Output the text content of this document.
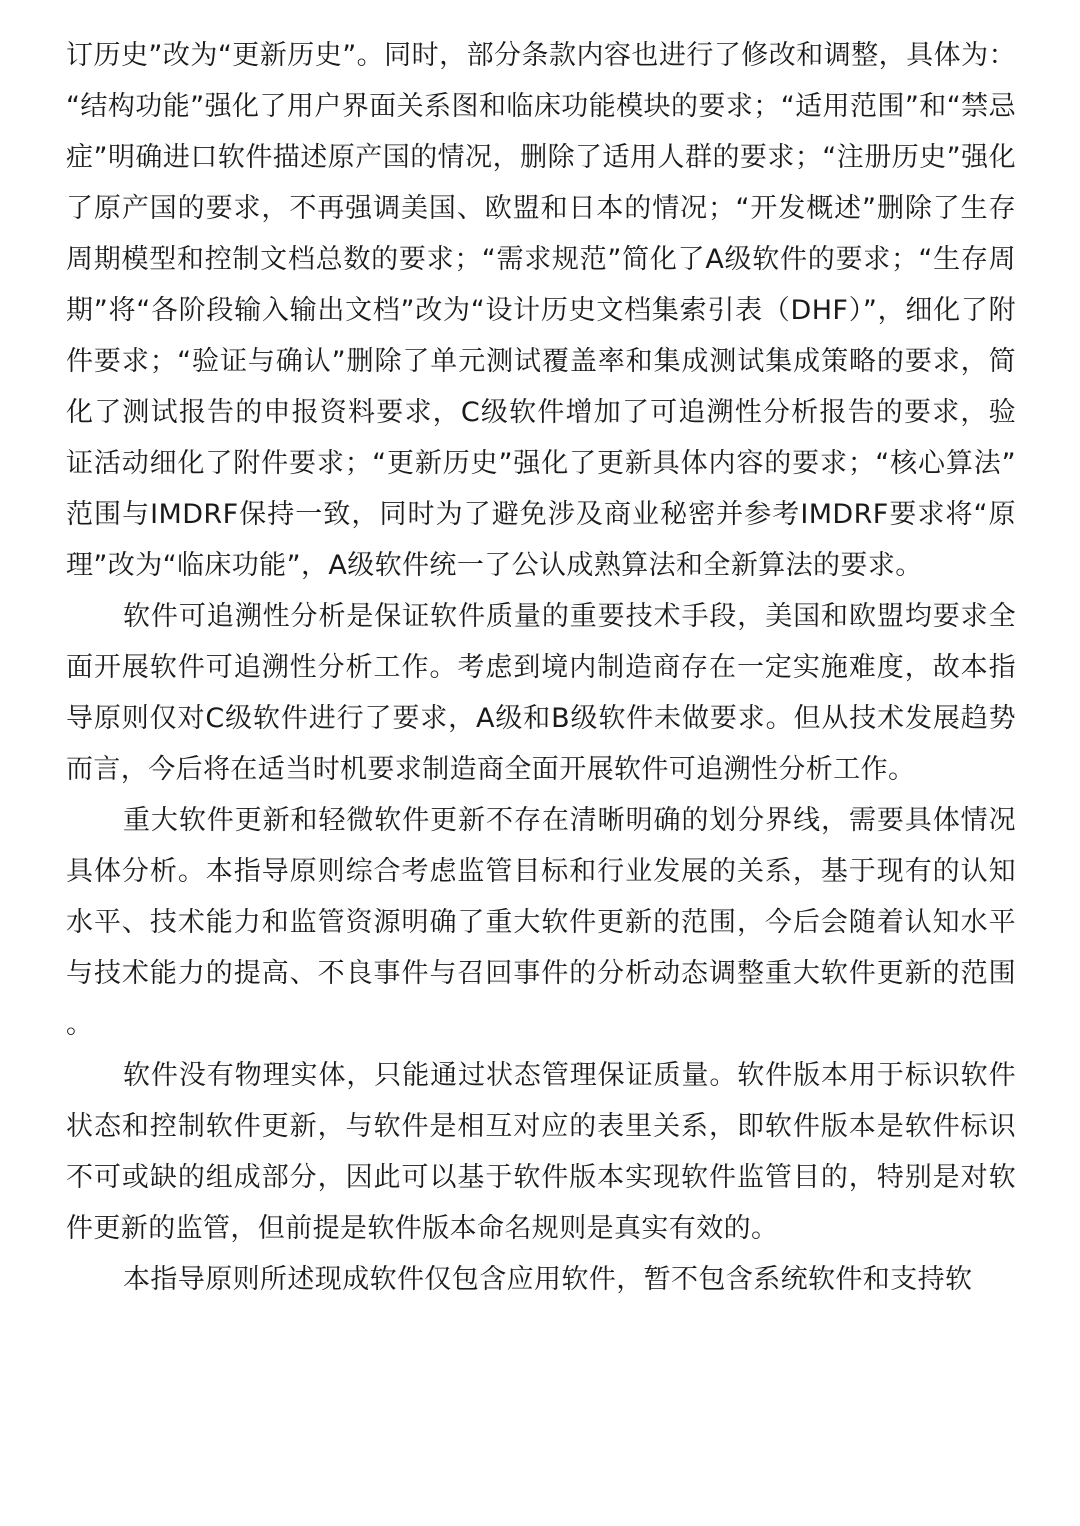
订历史”改为“更新历史”。同时，部分条款内容也进行了修改和调整，具体为：“结构功能”强化了用户界面关系图和临床功能模块的要求；“适用范围”和“禁忌症”明确进口软件描述原产国的情况，删除了适用人群的要求；“注册历史”强化了原产国的要求，不再强调美国、欧盟和日本的情况；“开发概述”删除了生存周期模型和控制文档总数的要求；“需求规范”简化了A级软件的要求；“生存周期”将“各阶段输入输出文档”改为“设计历史文档集索引表（DHF）”，细化了附件要求；“验证与确认”删除了单元测试覆盖率和集成测试集成策略的要求，简化了测试报告的申报资料要求，C级软件增加了可追溯性分析报告的要求，验证活动细化了附件要求；“更新历史”强化了更新具体内容的要求；“核心算法”范围与IMDRF保持一致，同时为了避免涉及商业秘密并参考IMDRF要求将“原理”改为“临床功能”，A级软件统一了公认成熟算法和全新算法的要求。

软件可追溯性分析是保证软件质量的重要技术手段，美国和欧盟均要求全面开展软件可追溯性分析工作。考虑到境内制造商存在一定实施难度，故本指导原则仅对C级软件进行了要求，A级和B级软件未做要求。但从技术发展趋势而言，今后将在适当时机要求制造商全面开展软件可追溯性分析工作。

重大软件更新和轻微软件更新不存在清晰明确的划分界线，需要具体情况具体分析。本指导原则综合考虑监管目标和行业发展的关系，基于现有的认知水平、技术能力和监管资源明确了重大软件更新的范围，今后会随着认知水平与技术能力的提高、不良事件与召回事件的分析动态调整重大软件更新的范围。

软件没有物理实体，只能通过状态管理保证质量。软件版本用于标识软件状态和控制软件更新，与软件是相互对应的表里关系，即软件版本是软件标识不可或缺的组成部分，因此可以基于软件版本实现软件监管目的，特别是对软件更新的监管，但前提是软件版本命名规则是真实有效的。

本指导原则所述现成软件仅包含应用软件，暂不包含系统软件和支持软
